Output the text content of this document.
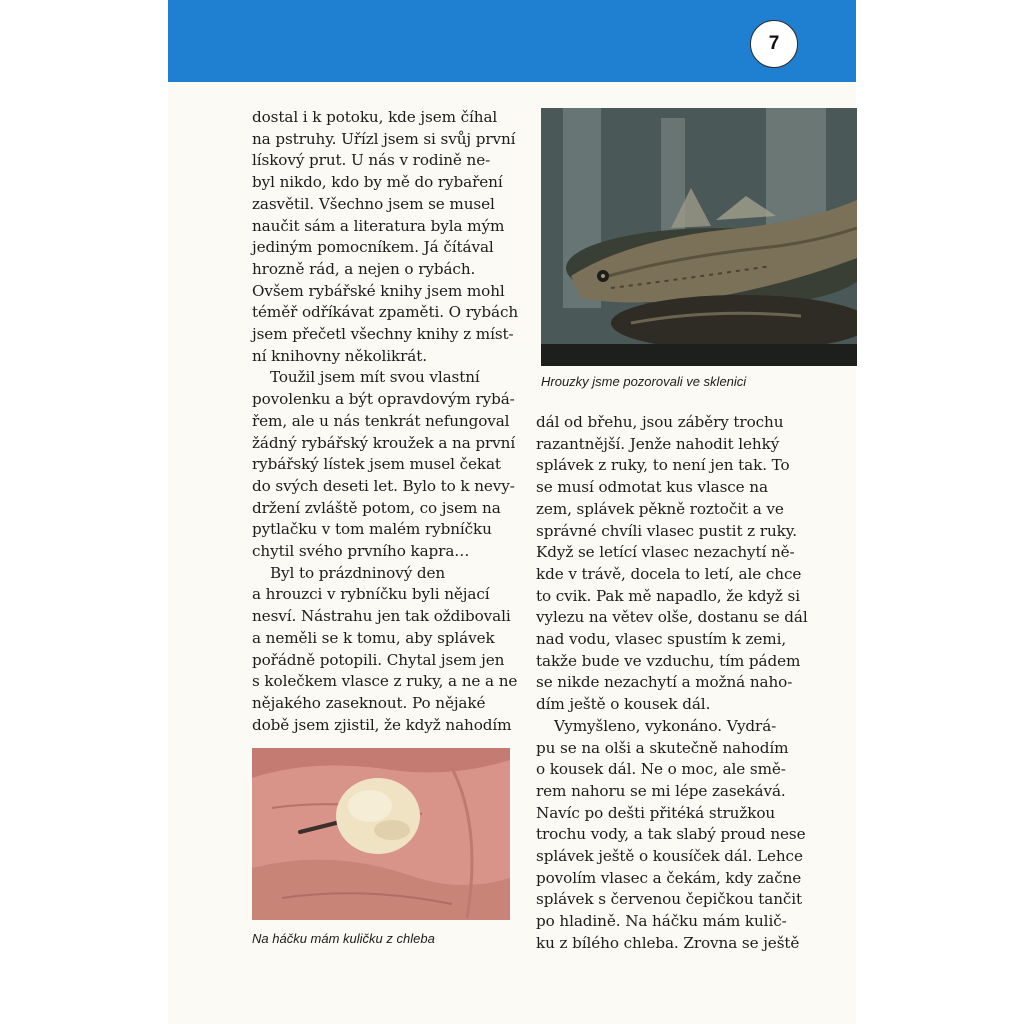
7
dostal i k potoku, kde jsem číhal
na pstruhy. Uřízl jsem si svůj první
lískový prut. U nás v rodině ne-
byl nikdo, kdo by mě do rybaření
zasvětil. Všechno jsem se musel
naučit sám a literatura byla mým
jediným pomocníkem. Já čítával
hrozně rád, a nejen o rybách.
Ovšem rybářské knihy jsem mohl
téměř odříkávat zpaměti. O rybách
jsem přečetl všechny knihy z míst-
ní knihovny několikrát.
Toužil jsem mít svou vlastní
povolenku a být opravdovým rybá-
řem, ale u nás tenkrát nefungoval
žádný rybářský kroužek a na první
rybářský lístek jsem musel čekat
do svých deseti let. Bylo to k nevy-
držení zvláště potom, co jsem na
pytlačku v tom malém rybníčku
chytil svého prvního kapra…
Byl to prázdninový den
a hrouzci v rybníčku byli nějací
nesví. Nástrahu jen tak oždibovali
a neměli se k tomu, aby splávek
pořádně potopili. Chytal jsem jen
s kolečkem vlasce z ruky, a ne a ne
nějakého zaseknout. Po nějaké
době jsem zjistil, že když nahodím
Hrouzky jsme pozorovali ve sklenici
dál od břehu, jsou záběry trochu
razantnější. Jenže nahodit lehký
splávek z ruky, to není jen tak. To
se musí odmotat kus vlasce na
zem, splávek pěkně roztočit a ve
správné chvíli vlasec pustit z ruky.
Když se letící vlasec nezachytí ně-
kde v trávě, docela to letí, ale chce
to cvik. Pak mě napadlo, že když si
vylezu na větev olše, dostanu se dál
nad vodu, vlasec spustím k zemi,
takže bude ve vzduchu, tím pádem
se nikde nezachytí a možná naho-
dím ještě o kousek dál.
Vymyšleno, vykonáno. Vydrá-
pu se na olši a skutečně nahodím
o kousek dál. Ne o moc, ale smě-
rem nahoru se mi lépe zasekává.
Navíc po dešti přitéká stružkou
trochu vody, a tak slabý proud nese
splávek ještě o kousíček dál. Lehce
povolím vlasec a čekám, kdy začne
splávek s červenou čepičkou tančit
po hladině. Na háčku mám kulič-
ku z bílého chleba. Zrovna se ještě
Na háčku mám kuličku z chleba
